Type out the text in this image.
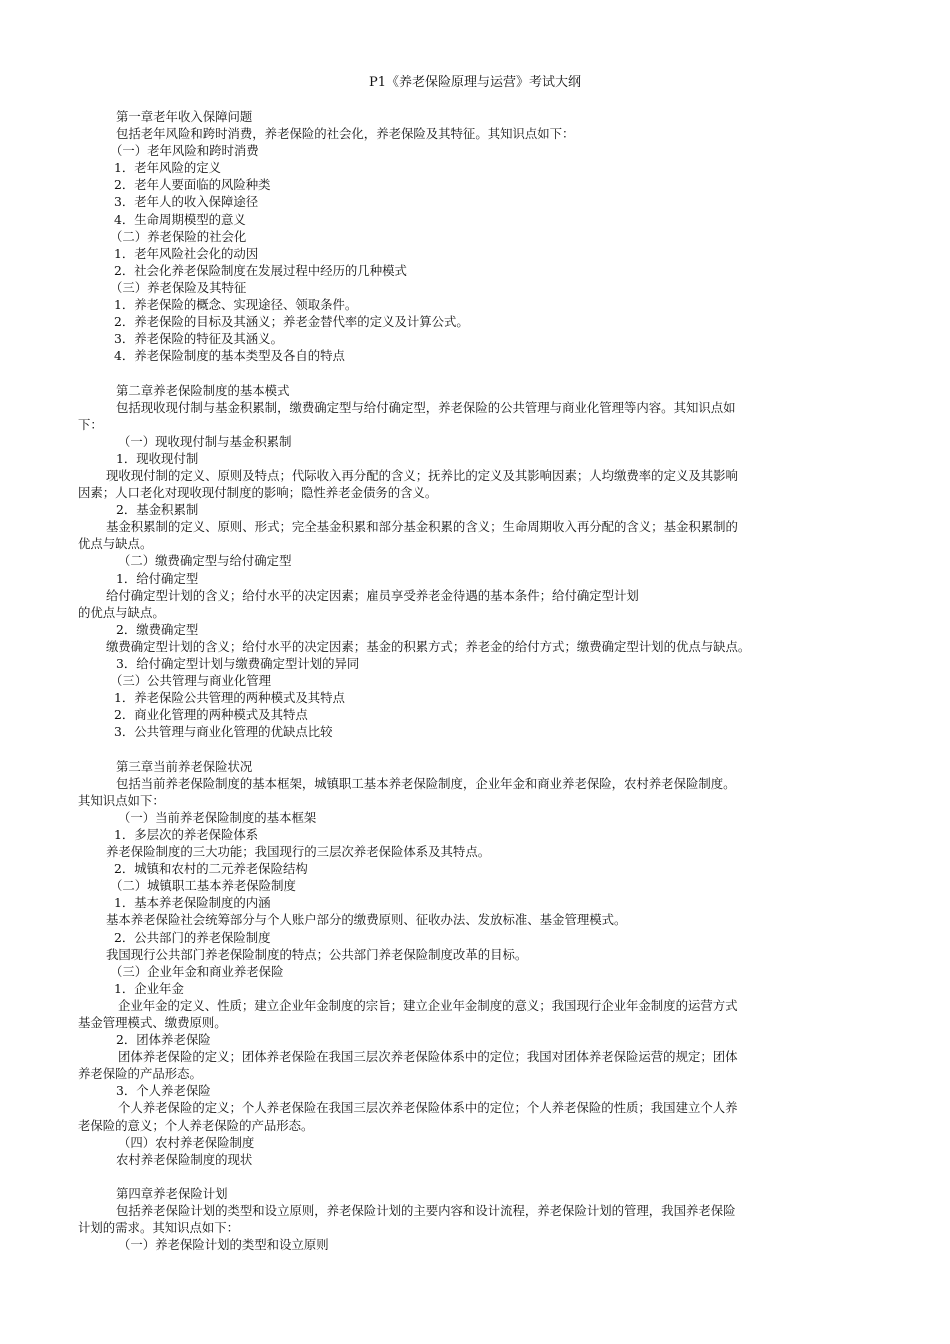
P1《养老保险原理与运营》考试大纲
第一章老年收入保障问题
包括老年风险和跨时消费，养老保险的社会化，养老保险及其特征。其知识点如下：
（一）老年风险和跨时消费
1．老年风险的定义
2．老年人要面临的风险种类
3．老年人的收入保障途径
4．生命周期模型的意义
（二）养老保险的社会化
1．老年风险社会化的动因
2．社会化养老保险制度在发展过程中经历的几种模式
（三）养老保险及其特征
1．养老保险的概念、实现途径、领取条件。
2．养老保险的目标及其涵义；养老金替代率的定义及计算公式。
3．养老保险的特征及其涵义。
4．养老保险制度的基本类型及各自的特点
第二章养老保险制度的基本模式
包括现收现付制与基金积累制，缴费确定型与给付确定型，养老保险的公共管理与商业化管理等内容。其知识点如
下：
（一）现收现付制与基金积累制
1．现收现付制
现收现付制的定义、原则及特点；代际收入再分配的含义；抚养比的定义及其影响因素；人均缴费率的定义及其影响
因素；人口老化对现收现付制度的影响；隐性养老金债务的含义。
2．基金积累制
基金积累制的定义、原则、形式；完全基金积累和部分基金积累的含义；生命周期收入再分配的含义；基金积累制的
优点与缺点。
（二）缴费确定型与给付确定型
1．给付确定型
给付确定型计划的含义；给付水平的决定因素；雇员享受养老金待遇的基本条件；给付确定型计划
的优点与缺点。
2．缴费确定型
缴费确定型计划的含义；给付水平的决定因素；基金的积累方式；养老金的给付方式；缴费确定型计划的优点与缺点。
3．给付确定型计划与缴费确定型计划的异同
（三）公共管理与商业化管理
1．养老保险公共管理的两种模式及其特点
2．商业化管理的两种模式及其特点
3．公共管理与商业化管理的优缺点比较
第三章当前养老保险状况
包括当前养老保险制度的基本框架，城镇职工基本养老保险制度，企业年金和商业养老保险，农村养老保险制度。
其知识点如下：
（一）当前养老保险制度的基本框架
1．多层次的养老保险体系
养老保险制度的三大功能；我国现行的三层次养老保险体系及其特点。
2．城镇和农村的二元养老保险结构
（二）城镇职工基本养老保险制度
1．基本养老保险制度的内涵
基本养老保险社会统筹部分与个人账户部分的缴费原则、征收办法、发放标准、基金管理模式。
2．公共部门的养老保险制度
我国现行公共部门养老保险制度的特点；公共部门养老保险制度改革的目标。
（三）企业年金和商业养老保险
1．企业年金
企业年金的定义、性质；建立企业年金制度的宗旨；建立企业年金制度的意义；我国现行企业年金制度的运营方式
基金管理模式、缴费原则。
2．团体养老保险
团体养老保险的定义；团体养老保险在我国三层次养老保险体系中的定位；我国对团体养老保险运营的规定；团体
养老保险的产品形态。
3．个人养老保险
个人养老保险的定义；个人养老保险在我国三层次养老保险体系中的定位；个人养老保险的性质；我国建立个人养
老保险的意义；个人养老保险的产品形态。
（四）农村养老保险制度
农村养老保险制度的现状
第四章养老保险计划
包括养老保险计划的类型和设立原则，养老保险计划的主要内容和设计流程，养老保险计划的管理，我国养老保险
计划的需求。其知识点如下：
（一）养老保险计划的类型和设立原则
